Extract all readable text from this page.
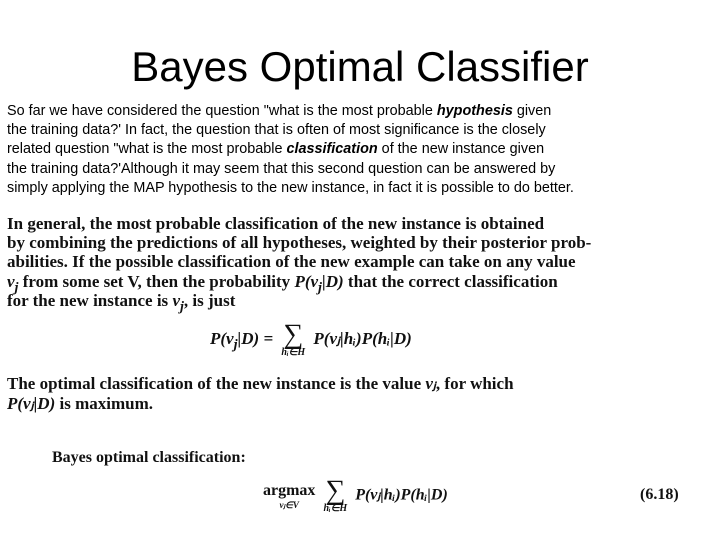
Bayes Optimal Classifier
So far we have considered the question "what is the most probable hypothesis given
the training data?' In fact, the question that is often of most significance is the closely
related question "what is the most probable classification of the new instance given
the training data?'Although it may seem that this second question can be answered by
simply applying the MAP hypothesis to the new instance, in fact it is possible to do better.
In general, the most probable classification of the new instance is obtained
by combining the predictions of all hypotheses, weighted by their posterior prob-
abilities. If the possible classification of the new example can take on any value
$v_j$ from some set V, then the probability $P(v_j|D)$ that the correct classification
for the new instance is $v_j$, is just
$P(v_j|D)$ = ∑
hᵢ∈H
P(vⱼ|hᵢ)P(hᵢ|D)
The optimal classification of the new instance is the value vⱼ, for which
P(vⱼ|D) is maximum.
Bayes optimal classification:
argmax
vⱼ∈V
∑
hᵢ∈H
P(vⱼ|hᵢ)P(hᵢ|D)	(6.18)
